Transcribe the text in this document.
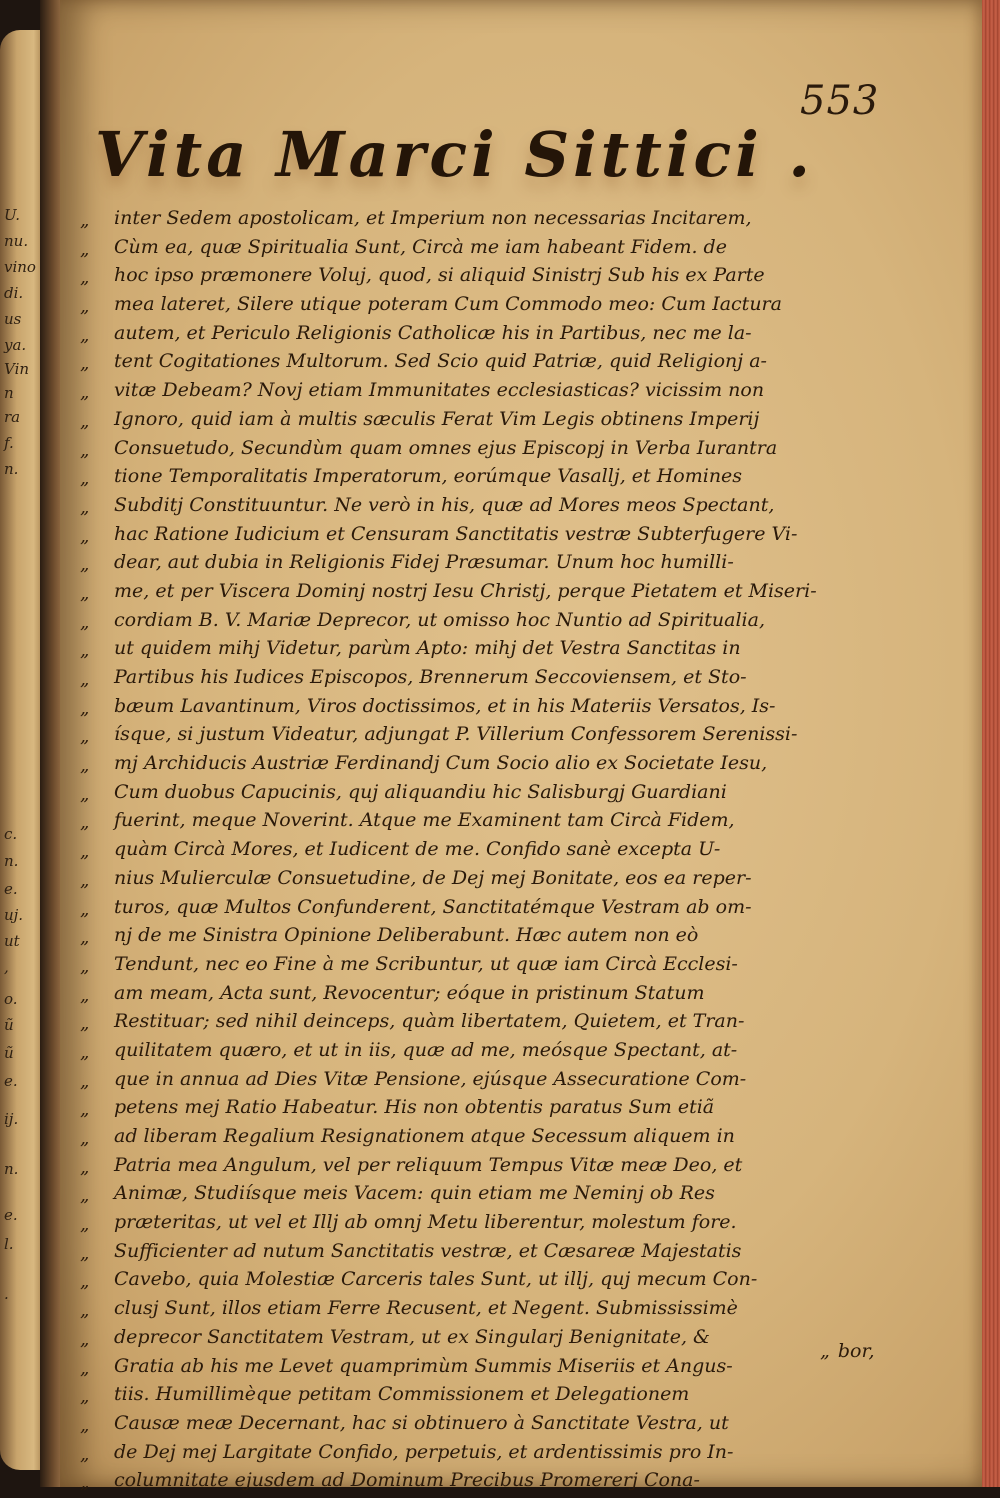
U.
nu.
vino
di.
us
ya.
Vin
n
ra
f.
n.
c.
n.
e.
uj.
ut
,
o.
ũ
ũ
e.
ij.
n.
e.
l.
.
553
Vita Marci Sittici .
„	inter Sedem apostolicam, et Imperium non necessarias Incitarem,
„	Cùm ea, quæ Spiritualia Sunt, Circà me iam habeant Fidem. de
„	hoc ipso præmonere Voluj, quod, si aliquid Sinistrj Sub his ex Parte
„	mea lateret, Silere utique poteram Cum Commodo meo: Cum Iactura
„	autem, et Periculo Religionis Catholicæ his in Partibus, nec me la-
„	tent Cogitationes Multorum. Sed Scio quid Patriæ, quid Religionj a-
„	vitæ Debeam? Novj etiam Immunitates ecclesiasticas? vicissim non
„	Ignoro, quid iam à multis sæculis Ferat Vim Legis obtinens Imperij
„	Consuetudo, Secundùm quam omnes ejus Episcopj in Verba Iurantra
„	tione Temporalitatis Imperatorum, eorúmque Vasallj, et Homines
„	Subditj Constituuntur. Ne verò in his, quæ ad Mores meos Spectant,
„	hac Ratione Iudicium et Censuram Sanctitatis vestræ Subterfugere Vi-
„	dear, aut dubia in Religionis Fidej Præsumar. Unum hoc humilli-
„	me, et per Viscera Dominj nostrj Iesu Christj, perque Pietatem et Miseri-
„	cordiam B. V. Mariæ Deprecor, ut omisso hoc Nuntio ad Spiritualia,
„	ut quidem mihj Videtur, parùm Apto: mihj det Vestra Sanctitas in
„	Partibus his Iudices Episcopos, Brennerum Seccoviensem, et Sto-
„	bæum Lavantinum, Viros doctissimos, et in his Materiis Versatos, Is-
„	ísque, si justum Videatur, adjungat P. Villerium Confessorem Serenissi-
„	mj Archiducis Austriæ Ferdinandj Cum Socio alio ex Societate Iesu,
„	Cum duobus Capucinis, quj aliquandiu hic Salisburgj Guardiani
„	fuerint, meque Noverint. Atque me Examinent tam Circà Fidem,
„	quàm Circà Mores, et Iudicent de me. Confido sanè excepta U-
„	nius Mulierculæ Consuetudine, de Dej mej Bonitate, eos ea reper-
„	turos, quæ Multos Confunderent, Sanctitatémque Vestram ab om-
„	nj de me Sinistra Opinione Deliberabunt. Hæc autem non eò
„	Tendunt, nec eo Fine à me Scribuntur, ut quæ iam Circà Ecclesi-
„	am meam, Acta sunt, Revocentur; eóque in pristinum Statum
„	Restituar; sed nihil deinceps, quàm libertatem, Quietem, et Tran-
„	quilitatem quæro, et ut in iis, quæ ad me, meósque Spectant, at-
„	que in annua ad Dies Vitæ Pensione, ejúsque Assecuratione Com-
„	petens mej Ratio Habeatur. His non obtentis paratus Sum etiã
„	ad liberam Regalium Resignationem atque Secessum aliquem in
„	Patria mea Angulum, vel per reliquum Tempus Vitæ meæ Deo, et
„	Animæ, Studiísque meis Vacem: quin etiam me Neminj ob Res
„	præteritas, ut vel et Illj ab omnj Metu liberentur, molestum fore.
„	Sufficienter ad nutum Sanctitatis vestræ, et Cæsareæ Majestatis
„	Cavebo, quia Molestiæ Carceris tales Sunt, ut illj, quj mecum Con-
„	clusj Sunt, illos etiam Ferre Recusent, et Negent. Submississimè
„	deprecor Sanctitatem Vestram, ut ex Singularj Benignitate, &
„	Gratia ab his me Levet quamprimùm Summis Miseriis et Angus-
„	tiis. Humillimèque petitam Commissionem et Delegationem
„	Causæ meæ Decernant, hac si obtinuero à Sanctitate Vestra, ut
„	de Dej mej Largitate Confido, perpetuis, et ardentissimis pro In-
„	columnitate ejusdem ad Dominum Precibus Promererj Cona-
„ bor,
